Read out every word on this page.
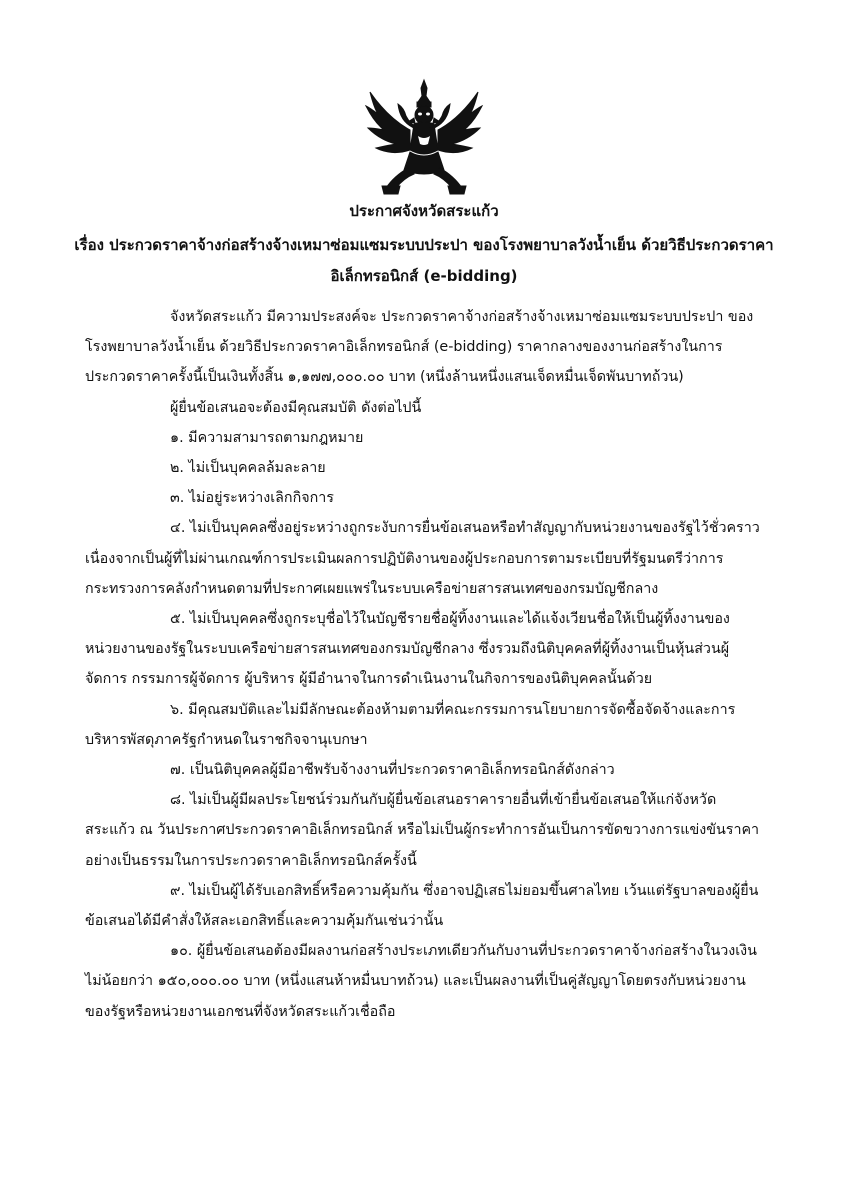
ประกาศจังหวัดสระแก้ว
เรื่อง ประกวดราคาจ้างก่อสร้างจ้างเหมาซ่อมแซมระบบประปา ของโรงพยาบาลวังน้ำเย็น ด้วยวิธีประกวดราคา
อิเล็กทรอนิกส์ (e-bidding)

จังหวัดสระแก้ว มีความประสงค์จะ ประกวดราคาจ้างก่อสร้างจ้างเหมาซ่อมแซมระบบประปา ของโรงพยาบาลวังน้ำเย็น ด้วยวิธีประกวดราคาอิเล็กทรอนิกส์ (e-bidding) ราคากลางของงานก่อสร้างในการประกวดราคาครั้งนี้เป็นเงินทั้งสิ้น ๑,๑๗๗,๐๐๐.๐๐ บาท (หนึ่งล้านหนึ่งแสนเจ็ดหมื่นเจ็ดพันบาทถ้วน)

ผู้ยื่นข้อเสนอจะต้องมีคุณสมบัติ ดังต่อไปนี้

๑. มีความสามารถตามกฎหมาย

๒. ไม่เป็นบุคคลล้มละลาย

๓. ไม่อยู่ระหว่างเลิกกิจการ

๔. ไม่เป็นบุคคลซึ่งอยู่ระหว่างถูกระงับการยื่นข้อเสนอหรือทำสัญญากับหน่วยงานของรัฐไว้ชั่วคราว เนื่องจากเป็นผู้ที่ไม่ผ่านเกณฑ์การประเมินผลการปฏิบัติงานของผู้ประกอบการตามระเบียบที่รัฐมนตรีว่าการกระทรวงการคลังกำหนดตามที่ประกาศเผยแพร่ในระบบเครือข่ายสารสนเทศของกรมบัญชีกลาง

๕. ไม่เป็นบุคคลซึ่งถูกระบุชื่อไว้ในบัญชีรายชื่อผู้ทิ้งงานและได้แจ้งเวียนชื่อให้เป็นผู้ทิ้งงานของหน่วยงานของรัฐในระบบเครือข่ายสารสนเทศของกรมบัญชีกลาง ซึ่งรวมถึงนิติบุคคลที่ผู้ทิ้งงานเป็นหุ้นส่วนผู้จัดการ กรรมการผู้จัดการ ผู้บริหาร ผู้มีอำนาจในการดำเนินงานในกิจการของนิติบุคคลนั้นด้วย

๖. มีคุณสมบัติและไม่มีลักษณะต้องห้ามตามที่คณะกรรมการนโยบายการจัดซื้อจัดจ้างและการบริหารพัสดุภาครัฐกำหนดในราชกิจจานุเบกษา

๗. เป็นนิติบุคคลผู้มีอาชีพรับจ้างงานที่ประกวดราคาอิเล็กทรอนิกส์ดังกล่าว

๘. ไม่เป็นผู้มีผลประโยชน์ร่วมกันกับผู้ยื่นข้อเสนอราคารายอื่นที่เข้ายื่นข้อเสนอให้แก่จังหวัดสระแก้ว ณ วันประกาศประกวดราคาอิเล็กทรอนิกส์ หรือไม่เป็นผู้กระทำการอันเป็นการขัดขวางการแข่งขันราคาอย่างเป็นธรรมในการประกวดราคาอิเล็กทรอนิกส์ครั้งนี้

๙. ไม่เป็นผู้ได้รับเอกสิทธิ์หรือความคุ้มกัน ซึ่งอาจปฏิเสธไม่ยอมขึ้นศาลไทย เว้นแต่รัฐบาลของผู้ยื่นข้อเสนอได้มีคำสั่งให้สละเอกสิทธิ์และความคุ้มกันเช่นว่านั้น

๑๐. ผู้ยื่นข้อเสนอต้องมีผลงานก่อสร้างประเภทเดียวกันกับงานที่ประกวดราคาจ้างก่อสร้างในวงเงินไม่น้อยกว่า ๑๕๐,๐๐๐.๐๐ บาท (หนึ่งแสนห้าหมื่นบาทถ้วน) และเป็นผลงานที่เป็นคู่สัญญาโดยตรงกับหน่วยงานของรัฐหรือหน่วยงานเอกชนที่จังหวัดสระแก้วเชื่อถือ
